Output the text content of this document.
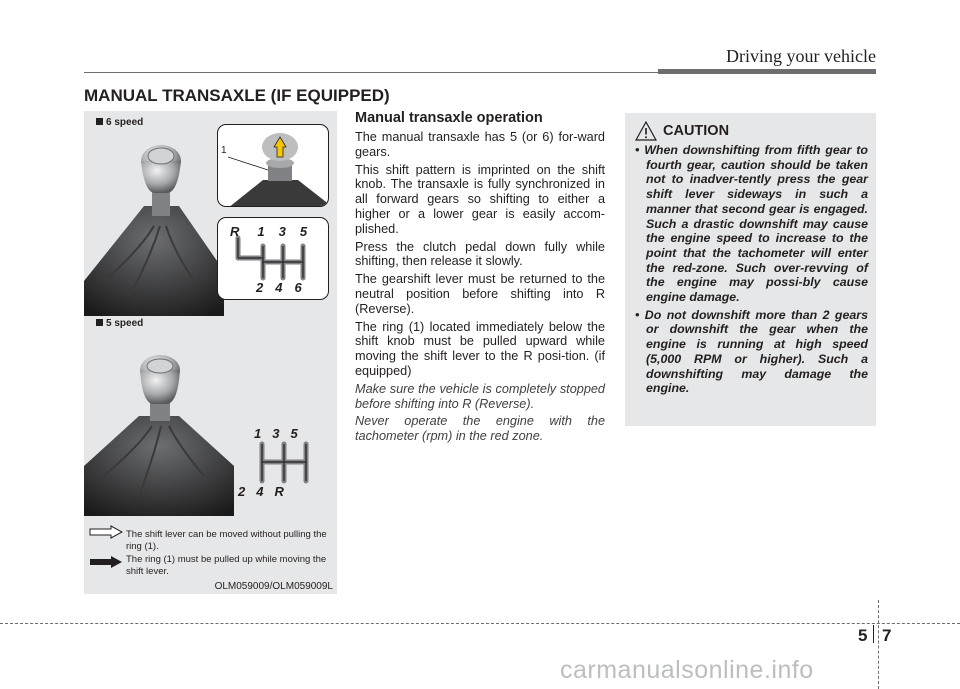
Driving your vehicle
MANUAL TRANSAXLE (IF EQUIPPED)
6 speed
1
R 1 3 5
2 4 6
5 speed
1 3 5
2 4 R
The shift lever can be moved without pulling the ring (1).
The ring (1) must be pulled up while moving the shift lever.
OLM059009/OLM059009L
Manual transaxle operation

The manual transaxle has 5 (or 6) for-ward gears.

This shift pattern is imprinted on the shift knob. The transaxle is fully synchronized in all forward gears so shifting to either a higher or a lower gear is easily accom-plished.

Press the clutch pedal down fully while shifting, then release it slowly.

The gearshift lever must be returned to the neutral position before shifting into R (Reverse).

The ring (1) located immediately below the shift knob must be pulled upward while moving the shift lever to the R posi-tion. (if equipped)

Make sure the vehicle is completely stopped before shifting into R (Reverse).

Never operate the engine with the tachometer (rpm) in the red zone.

CAUTION
• When downshifting from fifth gear to fourth gear, caution should be taken not to inadver-tently press the gear shift lever sideways in such a manner that second gear is engaged. Such a drastic downshift may cause the engine speed to increase to the point that the tachometer will enter the red-zone. Such over-revving of the engine may possi-bly cause engine damage.
• Do not downshift more than 2 gears or downshift the gear when the engine is running at high speed (5,000 RPM or higher). Such a downshifting may damage the engine.
5 7
carmanualsonline.info
